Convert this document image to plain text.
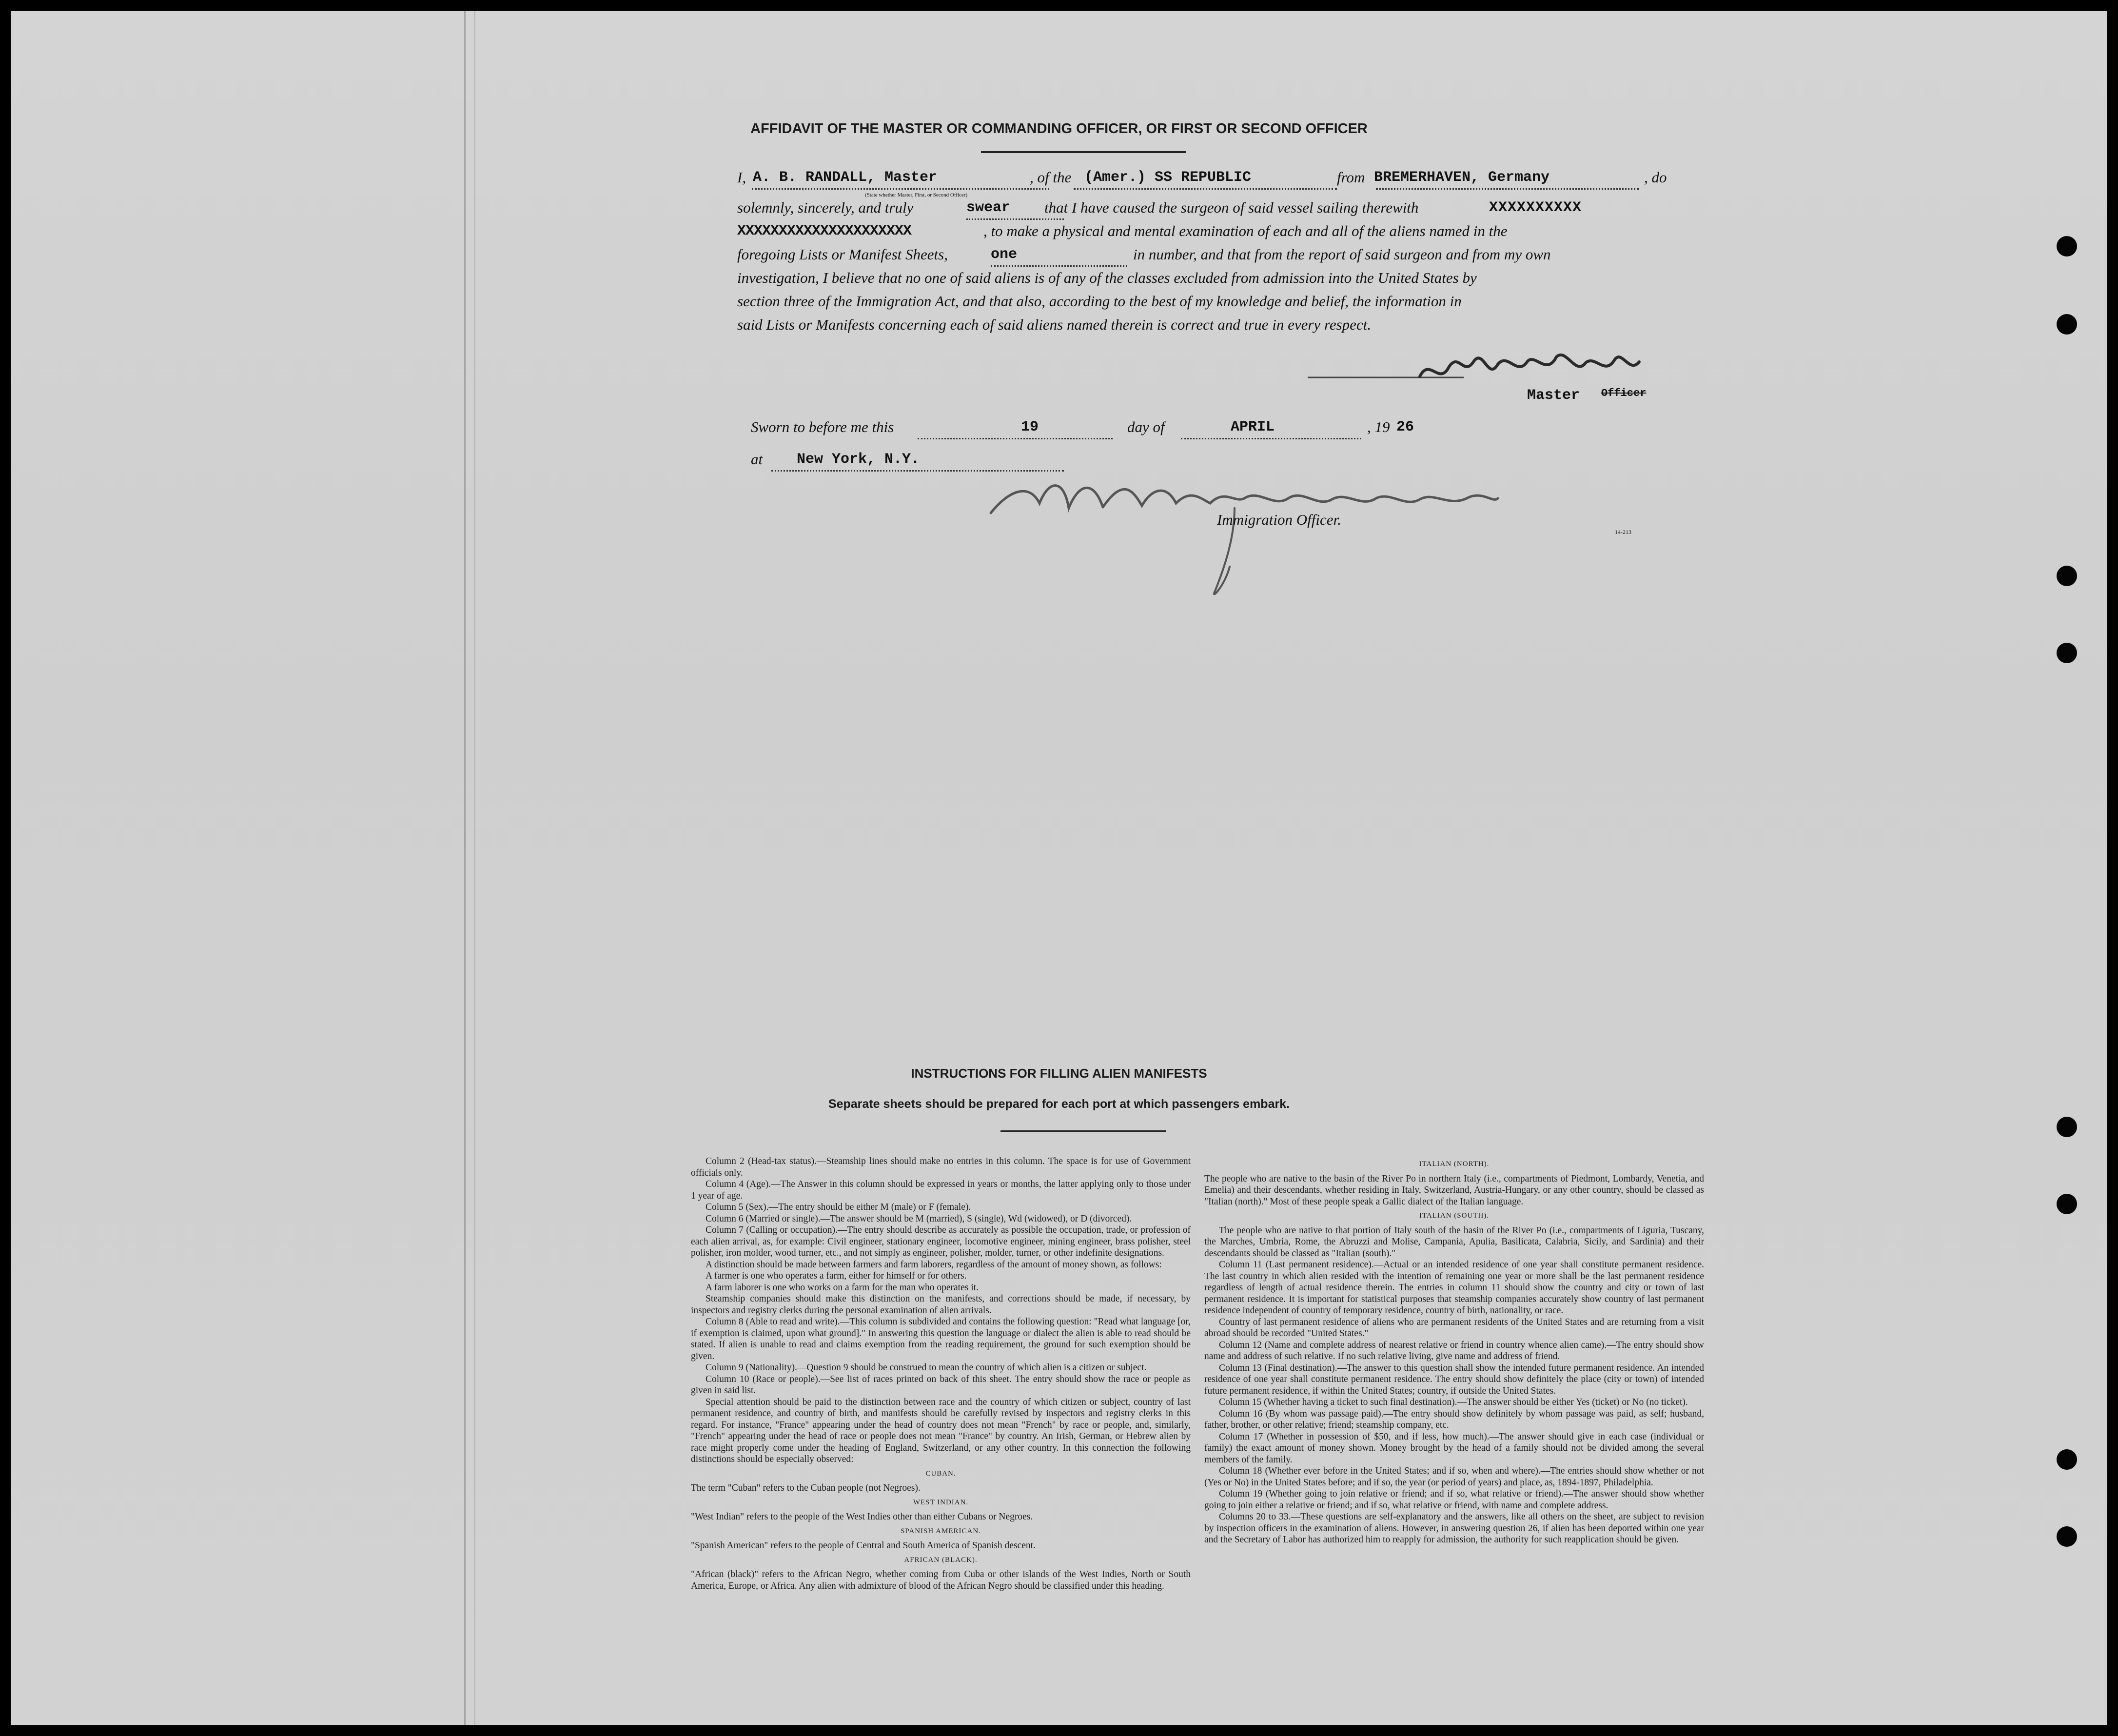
AFFIDAVIT OF THE MASTER OR COMMANDING OFFICER, OR FIRST OR SECOND OFFICER
I, A. B. RANDALL, Master	, of the (Amer.) SS REPUBLIC	from BREMERHAVEN, Germany	, do
(State whether Master, First, or Second Officer)
solemnly, sincerely, and truly	swear that I have caused the surgeon of said vessel sailing therewith	XXXXXXXXXX
XXXXXXXXXXXXXXXXXXXXX	, to make a physical and mental examination of each and all of the aliens named in the
foregoing Lists or Manifest Sheets,	one	in number, and that from the report of said surgeon and from my own
investigation, I believe that no one of said aliens is of any of the classes excluded from admission into the United States by
section three of the Immigration Act, and that also, according to the best of my knowledge and belief, the information in
said Lists or Manifests concerning each of said aliens named therein is correct and true in every respect.
Master Officer
Sworn to before me this	19	day of	APRIL	, 19 26
at New York, N.Y.
Immigration Officer.
14-213
INSTRUCTIONS FOR FILLING ALIEN MANIFESTS
Separate sheets should be prepared for each port at which passengers embark.

Column 2 (Head-tax status).—Steamship lines should make no entries in this column. The space is for use of Government officials only.

Column 4 (Age).—The Answer in this column should be expressed in years or months, the latter applying only to those under 1 year of age.

Column 5 (Sex).—The entry should be either M (male) or F (female).

Column 6 (Married or single).—The answer should be M (married), S (single), Wd (widowed), or D (divorced).

Column 7 (Calling or occupation).—The entry should describe as accurately as possible the occupation, trade, or profession of each alien arrival, as, for example: Civil engineer, stationary engineer, locomotive engineer, mining engineer, brass polisher, steel polisher, iron molder, wood turner, etc., and not simply as engineer, polisher, molder, turner, or other indefinite designations.

A distinction should be made between farmers and farm laborers, regardless of the amount of money shown, as follows:

A farmer is one who operates a farm, either for himself or for others.

A farm laborer is one who works on a farm for the man who operates it.

Steamship companies should make this distinction on the manifests, and corrections should be made, if necessary, by inspectors and registry clerks during the personal examination of alien arrivals.

Column 8 (Able to read and write).—This column is subdivided and contains the following question: "Read what language [or, if exemption is claimed, upon what ground]." In answering this question the language or dialect the alien is able to read should be stated. If alien is unable to read and claims exemption from the reading requirement, the ground for such exemption should be given.

Column 9 (Nationality).—Question 9 should be construed to mean the country of which alien is a citizen or subject.

Column 10 (Race or people).—See list of races printed on back of this sheet. The entry should show the race or people as given in said list.

Special attention should be paid to the distinction between race and the country of which citizen or subject, country of last permanent residence, and country of birth, and manifests should be carefully revised by inspectors and registry clerks in this regard. For instance, "France" appearing under the head of country does not mean "French" by race or people, and, similarly, "French" appearing under the head of race or people does not mean "France" by country. An Irish, German, or Hebrew alien by race might properly come under the heading of England, Switzerland, or any other country. In this connection the following distinctions should be especially observed:

CUBAN.

The term "Cuban" refers to the Cuban people (not Negroes).

WEST INDIAN.

"West Indian" refers to the people of the West Indies other than either Cubans or Negroes.

SPANISH AMERICAN.

"Spanish American" refers to the people of Central and South America of Spanish descent.

AFRICAN (BLACK).

"African (black)" refers to the African Negro, whether coming from Cuba or other islands of the West Indies, North or South America, Europe, or Africa. Any alien with admixture of blood of the African Negro should be classified under this heading.

ITALIAN (NORTH).

The people who are native to the basin of the River Po in northern Italy (i.e., compartments of Piedmont, Lombardy, Venetia, and Emelia) and their descendants, whether residing in Italy, Switzerland, Austria-Hungary, or any other country, should be classed as "Italian (north)." Most of these people speak a Gallic dialect of the Italian language.

ITALIAN (SOUTH).

The people who are native to that portion of Italy south of the basin of the River Po (i.e., compartments of Liguria, Tuscany, the Marches, Umbria, Rome, the Abruzzi and Molise, Campania, Apulia, Basilicata, Calabria, Sicily, and Sardinia) and their descendants should be classed as "Italian (south)."

Column 11 (Last permanent residence).—Actual or an intended residence of one year shall constitute permanent residence. The last country in which alien resided with the intention of remaining one year or more shall be the last permanent residence regardless of length of actual residence therein. The entries in column 11 should show the country and city or town of last permanent residence. It is important for statistical purposes that steamship companies accurately show country of last permanent residence independent of country of temporary residence, country of birth, nationality, or race.

Country of last permanent residence of aliens who are permanent residents of the United States and are returning from a visit abroad should be recorded "United States."

Column 12 (Name and complete address of nearest relative or friend in country whence alien came).—The entry should show name and address of such relative. If no such relative living, give name and address of friend.

Column 13 (Final destination).—The answer to this question shall show the intended future permanent residence. An intended residence of one year shall constitute permanent residence. The entry should show definitely the place (city or town) of intended future permanent residence, if within the United States; country, if outside the United States.

Column 15 (Whether having a ticket to such final destination).—The answer should be either Yes (ticket) or No (no ticket).

Column 16 (By whom was passage paid).—The entry should show definitely by whom passage was paid, as self; husband, father, brother, or other relative; friend; steamship company, etc.

Column 17 (Whether in possession of $50, and if less, how much).—The answer should give in each case (individual or family) the exact amount of money shown. Money brought by the head of a family should not be divided among the several members of the family.

Column 18 (Whether ever before in the United States; and if so, when and where).—The entries should show whether or not (Yes or No) in the United States before; and if so, the year (or period of years) and place, as, 1894-1897, Philadelphia.

Column 19 (Whether going to join relative or friend; and if so, what relative or friend).—The answer should show whether going to join either a relative or friend; and if so, what relative or friend, with name and complete address.

Columns 20 to 33.—These questions are self-explanatory and the answers, like all others on the sheet, are subject to revision by inspection officers in the examination of aliens. However, in answering question 26, if alien has been deported within one year and the Secretary of Labor has authorized him to reapply for admission, the authority for such reapplication should be given.
